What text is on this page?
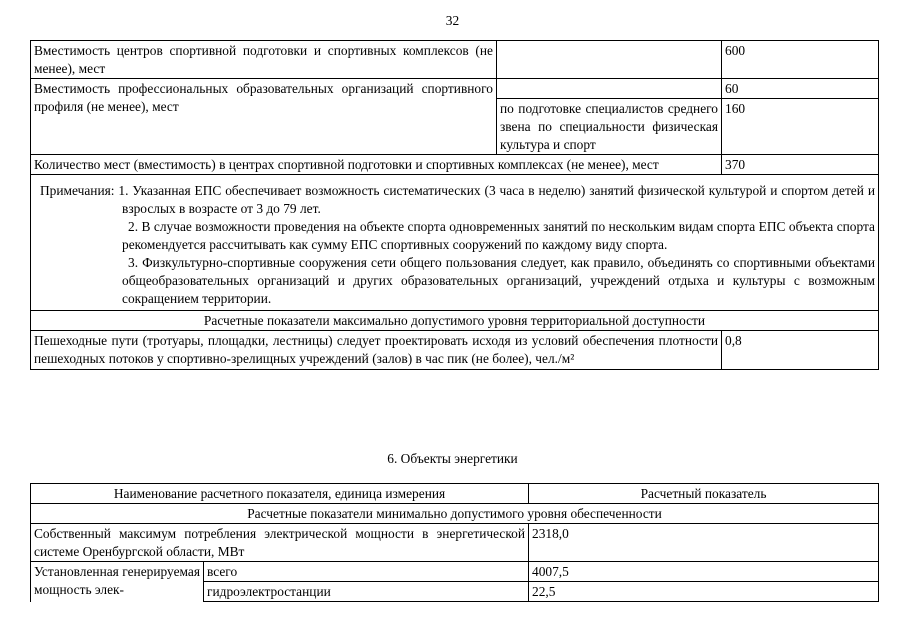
32
Вместимость центров спортивной подготовки и спортивных комплексов (не менее), мест		600
Вместимость профессиональных образовательных организаций спортивного профиля (не менее), мест		60
	по подготовке специалистов среднего звена по специальности физическая культура и спорт	160
Количество мест (вместимость) в центрах спортивной подготовки и спортивных комплексах (не менее), мест		370

Примечания: 1. Указанная ЕПС обеспечивает возможность систематических (3 часа в неделю) занятий физической культурой и спортом детей и взрослых в возрасте от 3 до 79 лет.

2. В случае возможности проведения на объекте спорта одновременных занятий по нескольким видам спорта ЕПС объекта спорта рекомендуется рассчитывать как сумму ЕПС спортивных сооружений по каждому виду спорта.

3. Физкультурно-спортивные сооружения сети общего пользования следует, как правило, объединять со спортивными объектами общеобразовательных организаций и других образовательных организаций, учреждений отдыха и культуры с возможным сокращением территории.		

Расчетные показатели максимально допустимого уровня территориальной доступности		
Пешеходные пути (тротуары, площадки, лестницы) следует проектировать исходя из условий обеспечения плотности пешеходных потоков у спортивно-зрелищных учреждений (залов) в час пик (не более), чел./м²		0,8
6. Объекты энергетики
Наименование расчетного показателя, единица измерения		Расчетный показатель
Расчетные показатели минимально допустимого уровня обеспеченности		
Собственный максимум потребления электрической мощности в энергетической системе Оренбургской области, МВт		2318,0
Установленная генерируемая мощность элек-	всего	4007,5
	гидроэлектростанции	22,5
